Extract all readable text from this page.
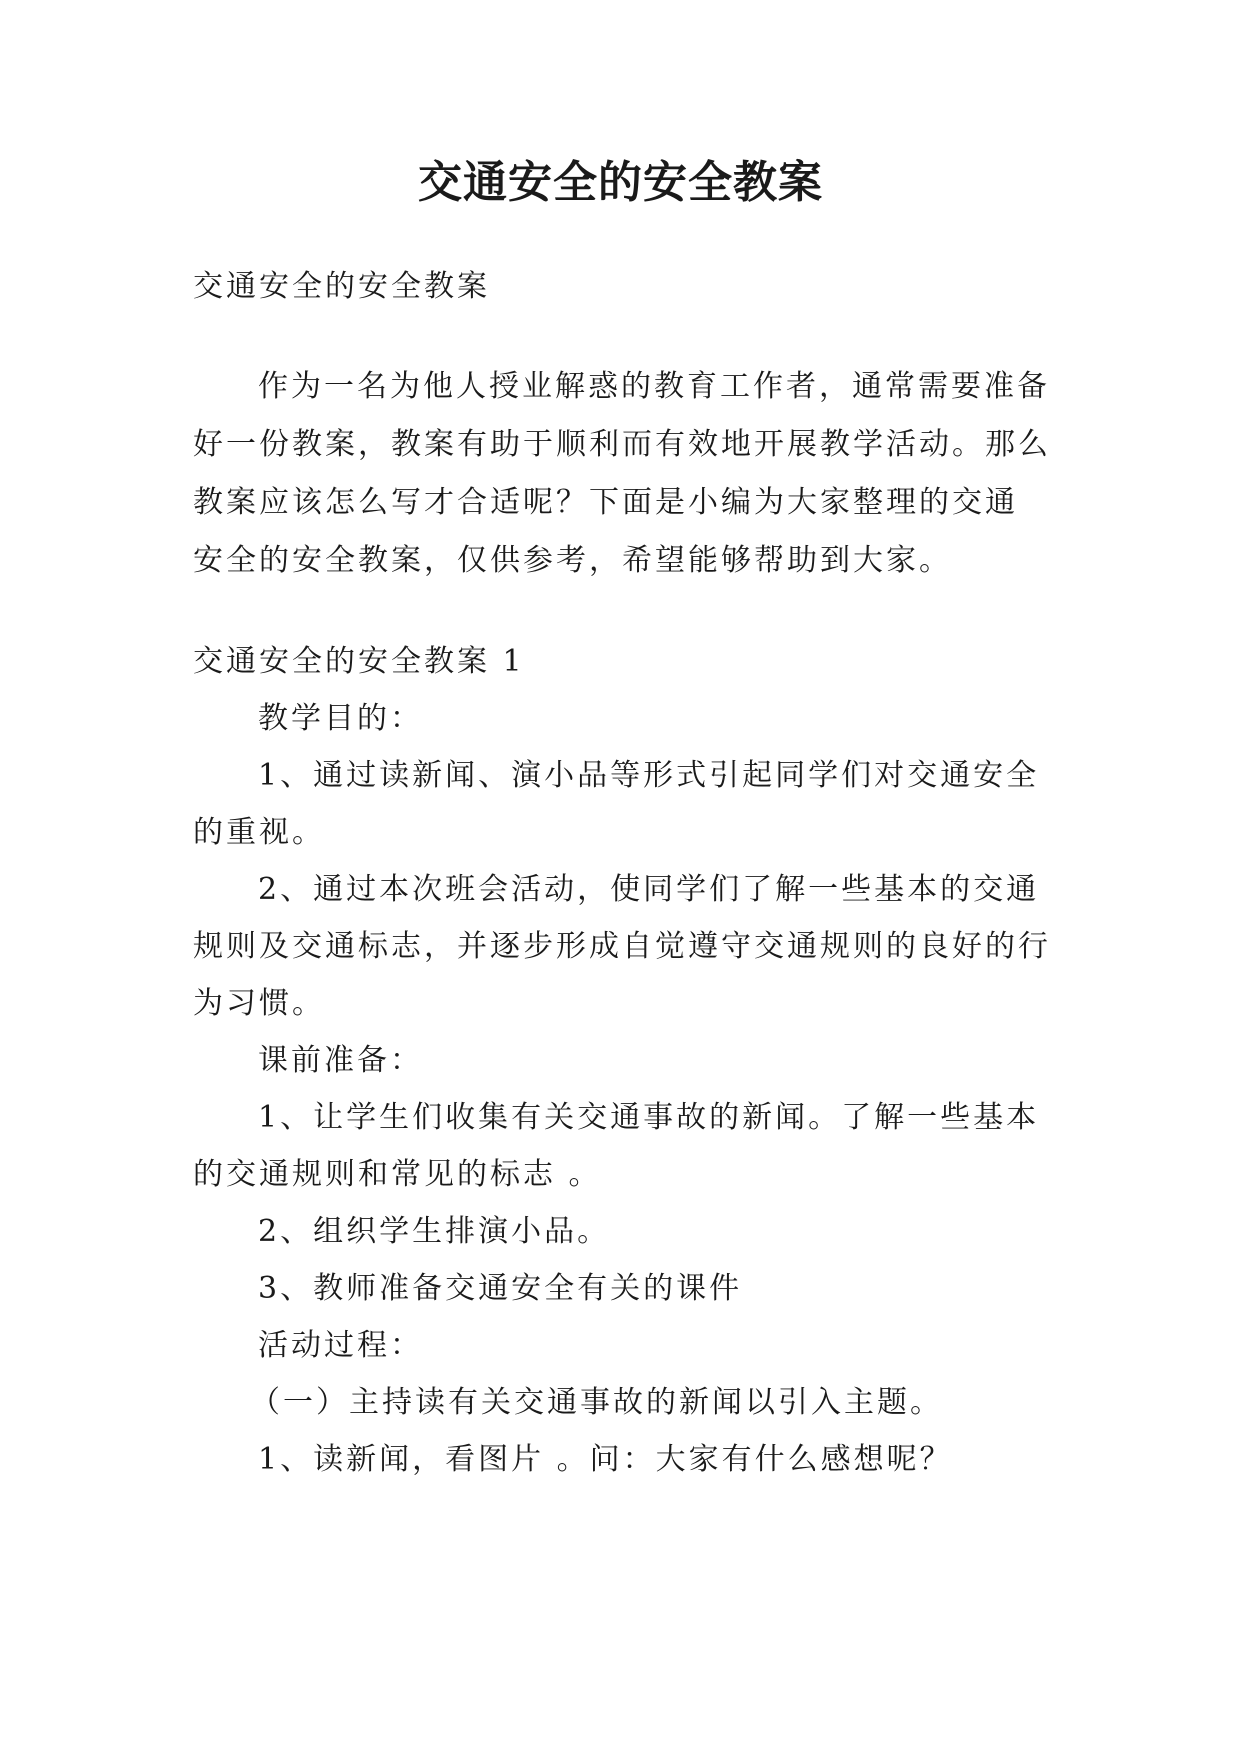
交通安全的安全教案
交通安全的安全教案
作为一名为他人授业解惑的教育工作者，通常需要准备
好一份教案，教案有助于顺利而有效地开展教学活动。那么
教案应该怎么写才合适呢？下面是小编为大家整理的交通
安全的安全教案，仅供参考，希望能够帮助到大家。
交通安全的安全教案 1
教学目的：
1、通过读新闻、演小品等形式引起同学们对交通安全
的重视。
2、通过本次班会活动，使同学们了解一些基本的交通
规则及交通标志，并逐步形成自觉遵守交通规则的良好的行
为习惯。
课前准备：
1、让学生们收集有关交通事故的新闻。了解一些基本
的交通规则和常见的标志 。
2、组织学生排演小品。
3、教师准备交通安全有关的课件
活动过程：
（一）主持读有关交通事故的新闻以引入主题。
1、读新闻，看图片 。问：大家有什么感想呢？
